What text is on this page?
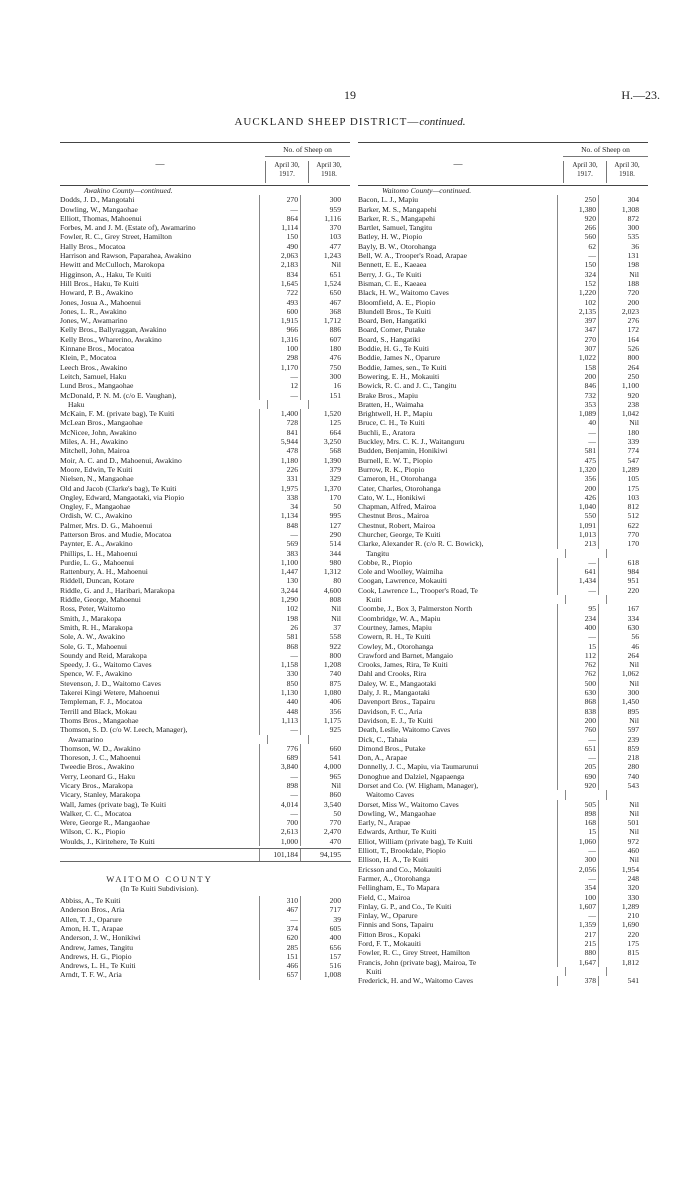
19	H.—23.
AUCKLAND SHEEP DISTRICT—continued.
—
No. of Sheep on
April 30, 1917.
April 30, 1918.
Awakino County—continued.
Dodds, J. D., Mangotahi	270	300
Dowling, W., Mangaohae	—	959
Elliott, Thomas, Mahoenui	864	1,116
Forbes, M. and J. M. (Estate of), Awamarino	1,114	370
Fowler, R. C., Grey Street, Hamilton	150	103
Hally Bros., Mocatoa	490	477
Harrison and Rawson, Paparahea, Awakino	2,063	1,243
Hewitt and McCulloch, Marokopa	2,183	Nil
Higginson, A., Haku, Te Kuiti	834	651
Hill Bros., Haku, Te Kuiti	1,645	1,524
Howard, P. B., Awakino	722	650
Jones, Josua A., Mahoenui	493	467
Jones, L. R., Awakino	600	368
Jones, W., Awamarino	1,915	1,712
Kelly Bros., Ballyraggan, Awakino	966	886
Kelly Bros., Wharerino, Awakino	1,316	607
Kinnane Bros., Mocatoa	100	180
Klein, P., Mocatoa	298	476
Leech Bros., Awakino	1,170	750
Leitch, Samuel, Haku	—	300
Lund Bros., Mangaohae	12	16
McDonald, P. N. M. (c/o E. Vaughan),	—	151
Haku
McKain, F. M. (private bag), Te Kuiti	1,400	1,520
McLean Bros., Mangaohae	728	125
McNicee, John, Awakino	841	664
Miles, A. H., Awakino	5,944	3,250
Mitchell, John, Mairoa	478	568
Moir, A. C. and D., Mahoenui, Awakino	1,180	1,390
Moore, Edwin, Te Kuiti	226	379
Nielsen, N., Mangaohae	331	329
Old and Jacob (Clarke's bag), Te Kuiti	1,975	1,370
Ongley, Edward, Mangaotaki, via Piopio	338	170
Ongley, F., Mangaohae	34	50
Ordish, W. C., Awakino	1,134	995
Palmer, Mrs. D. G., Mahoenui	848	127
Patterson Bros. and Mudie, Mocatoa	—	290
Paynter, E. A., Awakino	569	514
Phillips, L. H., Mahoenui	383	344
Purdie, L. G., Mahoenui	1,100	980
Rattenbury, A. H., Mahoenui	1,447	1,312
Riddell, Duncan, Kotare	130	80
Riddle, G. and J., Haribari, Marakopa	3,244	4,600
Riddle, George, Mahoenui	1,290	808
Ross, Peter, Waitomo	102	Nil
Smith, J., Marakopa	198	Nil
Smith, R. H., Marakopa	26	37
Sole, A. W., Awakino	581	558
Sole, G. T., Mahoenui	868	922
Soundy and Reid, Marakopa	—	800
Speedy, J. G., Waitomo Caves	1,158	1,208
Spence, W. F., Awakino	330	740
Stevenson, J. D., Waitomo Caves	850	875
Takerei Kingi Wetere, Mahoenui	1,130	1,080
Templeman, F. J., Mocatoa	440	406
Terrill and Black, Mokau	448	356
Thoms Bros., Mangaohae	1,113	1,175
Thomson, S. D. (c/o W. Leech, Manager),	—	925
Awamarino
Thomson, W. D., Awakino	776	660
Thoreson, J. C., Mahoenui	689	541
Tweedie Bros., Awakino	3,840	4,000
Verry, Leonard G., Haku	—	965
Vicary Bros., Marakopa	898	Nil
Vicary, Stanley, Marakopa	—	860
Wall, James (private bag), Te Kuiti	4,014	3,540
Walker, C. C., Mocatoa	—	50
Were, George R., Mangaohae	700	770
Wilson, C. K., Piopio	2,613	2,470
Woulds, J., Kiritehere, Te Kuiti	1,000	470
101,184	94,195
WAITOMO COUNTY
(In Te Kuiti Subdivision).
Abbiss, A., Te Kuiti	310	200
Anderson Bros., Aria	467	717
Allen, T. J., Oparure	—	39
Amon, H. T., Arapae	374	605
Anderson, J. W., Honikiwi	620	400
Andrew, James, Tangitu	285	656
Andrews, H. G., Piopio	151	157
Andrews, L. H., Te Kuiti	466	516
Arndt, T. F. W., Aria	657	1,008
—
No. of Sheep on
April 30, 1917.
April 30, 1918.
Waitomo County—continued.
Bacon, L. J., Mapiu	250	304
Barker, M. S., Mangapehi	1,380	1,308
Barker, R. S., Mangapehi	920	872
Bartlet, Samuel, Tangitu	266	300
Batley, H. W., Piopio	560	535
Bayly, B. W., Otorohanga	62	36
Bell, W. A., Trooper's Road, Arapae	—	131
Bennett, E. E., Kaeaea	150	198
Berry, J. G., Te Kuiti	324	Nil
Bisman, C. E., Kaeaea	152	188
Black, H. W., Waitomo Caves	1,220	720
Bloomfield, A. E., Piopio	102	200
Blundell Bros., Te Kuiti	2,135	2,023
Board, Ben, Hangatiki	397	276
Board, Comer, Putake	347	172
Board, S., Hangatiki	270	164
Boddie, H. G., Te Kuiti	307	526
Boddie, James N., Oparure	1,022	800
Boddie, James, sen., Te Kuiti	158	264
Bowering, E. H., Mokauiti	200	250
Bowick, R. C. and J. C., Tangitu	846	1,100
Brake Bros., Mapiu	732	920
Bratten, H., Waimaha	353	238
Brightwell, H. P., Mapiu	1,089	1,042
Bruce, C. H., Te Kuiti	40	Nil
Buchli, E., Aratora	—	180
Buckley, Mrs. C. K. J., Waitanguru	—	339
Budden, Benjamin, Honikiwi	581	774
Burnell, E. W. T., Piopio	475	547
Burrow, R. K., Piopio	1,320	1,289
Cameron, H., Otorohanga	356	105
Cater, Charles, Otorohanga	200	175
Cato, W. L., Honikiwi	426	103
Chapman, Alfred, Mairoa	1,040	812
Chestnut Bros., Mairoa	550	512
Chestnut, Robert, Mairoa	1,091	622
Churcher, George, Te Kuiti	1,013	770
Clarke, Alexander R. (c/o R. C. Bowick),	213	170
Tangitu
Cobbe, R., Piopio	—	618
Cole and Woolley, Waimiha	641	984
Coogan, Lawrence, Mokauiti	1,434	951
Cook, Lawrence L., Trooper's Road, Te	—	220
Kuiti
Coombe, J., Box 3, Palmerston North	95	167
Coombridge, W. A., Mapiu	234	334
Courtney, James, Mapiu	400	630
Cowern, R. H., Te Kuiti	—	56
Cowley, M., Otorohanga	15	46
Crawford and Barnet, Mangaio	112	264
Crooks, James, Rira, Te Kuiti	762	Nil
Dahl and Crooks, Rira	762	1,062
Daley, W. E., Mangaotaki	500	Nil
Daly, J. R., Mangaotaki	630	300
Davenport Bros., Tapairu	868	1,450
Davidson, F. C., Aria	838	895
Davidson, E. J., Te Kuiti	200	Nil
Death, Leslie, Waitomo Caves	760	597
Dick, C., Tahaia	—	239
Dimond Bros., Putake	651	859
Don, A., Arapae	—	218
Donnelly, J. C., Mapiu, via Taumarunui	205	280
Donoghue and Dalziel, Ngapaenga	690	740
Dorset and Co. (W. Higham, Manager),	920	543
Waitomo Caves
Dorset, Miss W., Waitomo Caves	505	Nil
Dowling, W., Mangaohae	898	Nil
Early, N., Arapae	168	501
Edwards, Arthur, Te Kuiti	15	Nil
Elliot, William (private bag), Te Kuiti	1,060	972
Elliott, T., Brookdale, Piopio	—	460
Ellison, H. A., Te Kuiti	300	Nil
Ericsson and Co., Mokauiti	2,056	1,954
Farmer, A., Otorohanga	—	248
Fellingham, E., To Mapara	354	320
Field, C., Mairoa	100	330
Finlay, G. P., and Co., Te Kuiti	1,607	1,289
Finlay, W., Oparure	—	210
Finnis and Sons, Tapairu	1,359	1,690
Fitton Bros., Kopaki	217	220
Ford, F. T., Mokauiti	215	175
Fowler, R. C., Grey Street, Hamilton	880	815
Francis, John (private bag), Mairoa, Te	1,647	1,812
Kuiti
Frederick, H. and W., Waitomo Caves	378	541
